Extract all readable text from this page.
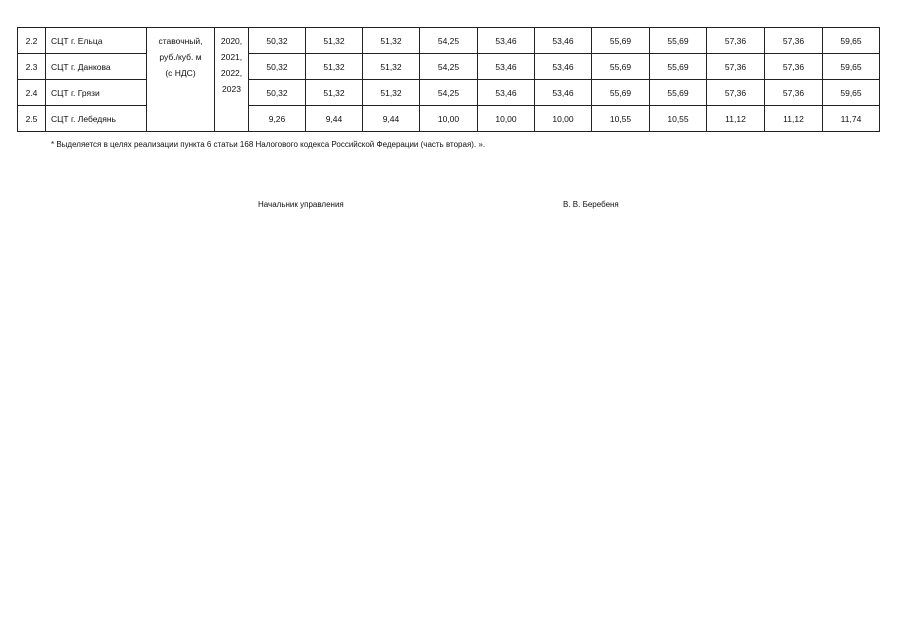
2.2	СЦТ г. Ельца	ставочный,
руб./куб. м
(с НДС)	2020,
2021,
2022,
2023	50,32	51,32	51,32	54,25	53,46	53,46	55,69	55,69	57,36	57,36	59,65
2.3	СЦТ г. Данкова			50,32	51,32	51,32	54,25	53,46	53,46	55,69	55,69	57,36	57,36	59,65
2.4	СЦТ г. Грязи			50,32	51,32	51,32	54,25	53,46	53,46	55,69	55,69	57,36	57,36	59,65
2.5	СЦТ г. Лебедянь			9,26	9,44	9,44	10,00	10,00	10,00	10,55	10,55	11,12	11,12	11,74
* Выделяется в целях реализации пункта 6 статьи 168 Налогового кодекса Российской Федерации (часть вторая). ».
Начальник управления	В. В. Беребеня
